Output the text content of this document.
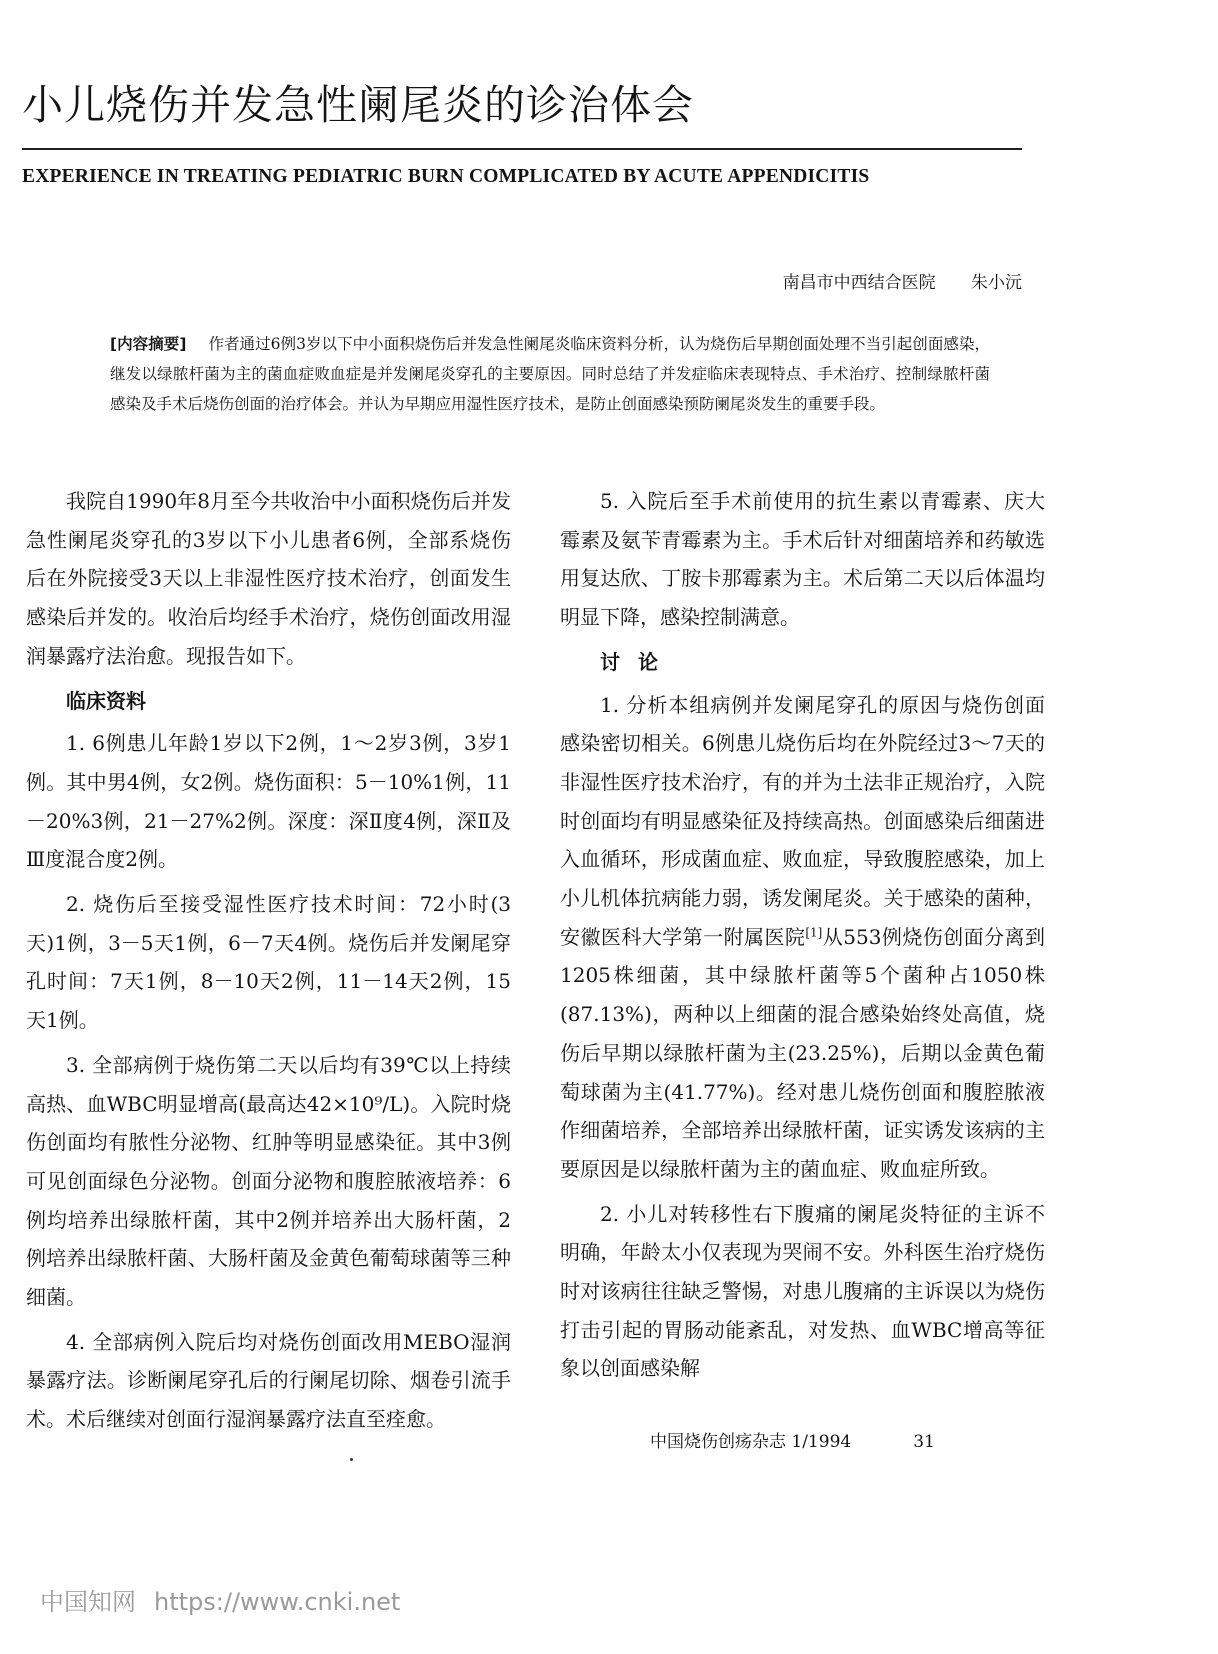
小儿烧伤并发急性阑尾炎的诊治体会
EXPERIENCE IN TREATING PEDIATRIC BURN COMPLICATED BY ACUTE APPENDICITIS
南昌市中西结合医院 朱小沅
[内容摘要] 作者通过6例3岁以下中小面积烧伤后并发急性阑尾炎临床资料分析，认为烧伤后早期创面处理不当引起创面感染，继发以绿脓杆菌为主的菌血症败血症是并发阑尾炎穿孔的主要原因。同时总结了并发症临床表现特点、手术治疗、控制绿脓杆菌感染及手术后烧伤创面的治疗体会。并认为早期应用湿性医疗技术，是防止创面感染预防阑尾炎发生的重要手段。

我院自1990年8月至今共收治中小面积烧伤后并发急性阑尾炎穿孔的3岁以下小儿患者6例，全部系烧伤后在外院接受3天以上非湿性医疗技术治疗，创面发生感染后并发的。收治后均经手术治疗，烧伤创面改用湿润暴露疗法治愈。现报告如下。

临床资料

1. 6例患儿年龄1岁以下2例，1～2岁3例，3岁1例。其中男4例，女2例。烧伤面积：5－10%1例，11－20%3例，21－27%2例。深度：深Ⅱ度4例，深Ⅱ及Ⅲ度混合度2例。

2. 烧伤后至接受湿性医疗技术时间：72小时(3天)1例，3－5天1例，6－7天4例。烧伤后并发阑尾穿孔时间：7天1例，8－10天2例，11－14天2例，15天1例。

3. 全部病例于烧伤第二天以后均有39℃以上持续高热、血WBC明显增高(最高达42×10⁹/L)。入院时烧伤创面均有脓性分泌物、红肿等明显感染征。其中3例可见创面绿色分泌物。创面分泌物和腹腔脓液培养：6例均培养出绿脓杆菌，其中2例并培养出大肠杆菌，2例培养出绿脓杆菌、大肠杆菌及金黄色葡萄球菌等三种细菌。

4. 全部病例入院后均对烧伤创面改用MEBO湿润暴露疗法。诊断阑尾穿孔后的行阑尾切除、烟卷引流手术。术后继续对创面行湿润暴露疗法直至痊愈。

5. 入院后至手术前使用的抗生素以青霉素、庆大霉素及氨苄青霉素为主。手术后针对细菌培养和药敏选用复达欣、丁胺卡那霉素为主。术后第二天以后体温均明显下降，感染控制满意。

讨论

1. 分析本组病例并发阑尾穿孔的原因与烧伤创面感染密切相关。6例患儿烧伤后均在外院经过3～7天的非湿性医疗技术治疗，有的并为土法非正规治疗，入院时创面均有明显感染征及持续高热。创面感染后细菌进入血循环，形成菌血症、败血症，导致腹腔感染，加上小儿机体抗病能力弱，诱发阑尾炎。关于感染的菌种，安徽医科大学第一附属医院[1]从553例烧伤创面分离到1205株细菌，其中绿脓杆菌等5个菌种占1050株(87.13%)，两种以上细菌的混合感染始终处高值，烧伤后早期以绿脓杆菌为主(23.25%)，后期以金黄色葡萄球菌为主(41.77%)。经对患儿烧伤创面和腹腔脓液作细菌培养，全部培养出绿脓杆菌，证实诱发该病的主要原因是以绿脓杆菌为主的菌血症、败血症所致。

2. 小儿对转移性右下腹痛的阑尾炎特征的主诉不明确，年龄太小仅表现为哭闹不安。外科医生治疗烧伤时对该病往往缺乏警惕，对患儿腹痛的主诉误以为烧伤打击引起的胃肠动能紊乱，对发热、血WBC增高等征象以创面感染解

中国烧伤创疡杂志 1/1994	31
中国知网 https://www.cnki.net
